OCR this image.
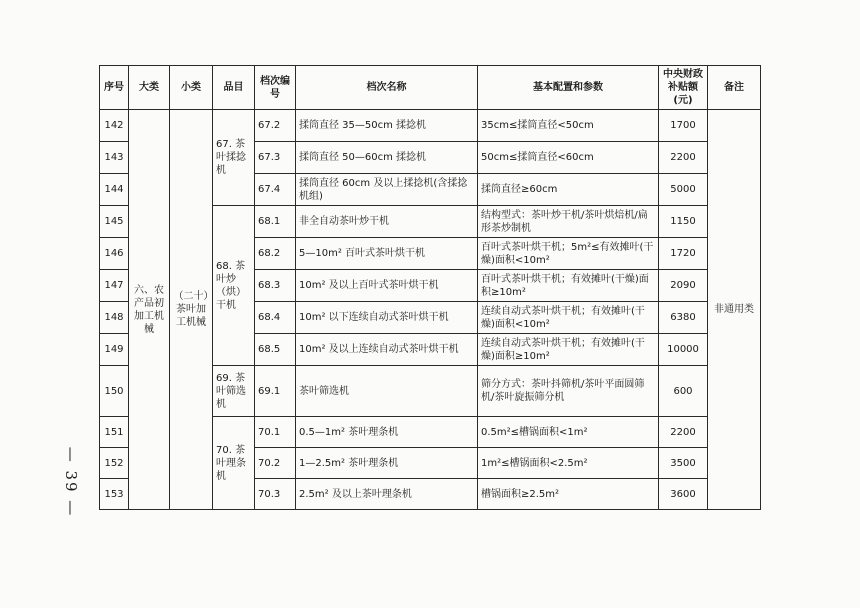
— 39 —
序号	大类	小类	品目	档次编号	档次名称	基本配置和参数	中央财政补贴额(元)	备注
142	六、农产品初加工机械	（二十）茶叶加工机械	67. 茶叶揉捻机	67.2	揉筒直径 35—50cm 揉捻机	35cm≤揉筒直径<50cm	1700	非通用类
143				67.3	揉筒直径 50—60cm 揉捻机	50cm≤揉筒直径<60cm	2200	
144				67.4	揉筒直径 60cm 及以上揉捻机(含揉捻机组)	揉筒直径≥60cm	5000	
145			68. 茶叶炒（烘）干机	68.1	非全自动茶叶炒干机	结构型式：茶叶炒干机/茶叶烘焙机/扁形茶炒制机	1150	
146				68.2	5—10m² 百叶式茶叶烘干机	百叶式茶叶烘干机；5m²≤有效摊叶(干燥)面积<10m²	1720	
147				68.3	10m² 及以上百叶式茶叶烘干机	百叶式茶叶烘干机；有效摊叶(干燥)面积≥10m²	2090	
148				68.4	10m² 以下连续自动式茶叶烘干机	连续自动式茶叶烘干机；有效摊叶(干燥)面积<10m²	6380	
149				68.5	10m² 及以上连续自动式茶叶烘干机	连续自动式茶叶烘干机；有效摊叶(干燥)面积≥10m²	10000	
150			69. 茶叶筛选机	69.1	茶叶筛选机	筛分方式：茶叶抖筛机/茶叶平面圆筛机/茶叶旋振筛分机	600	
151			70. 茶叶理条机	70.1	0.5—1m² 茶叶理条机	0.5m²≤槽锅面积<1m²	2200	
152				70.2	1—2.5m² 茶叶理条机	1m²≤槽锅面积<2.5m²	3500	
153				70.3	2.5m² 及以上茶叶理条机	槽锅面积≥2.5m²	3600	
